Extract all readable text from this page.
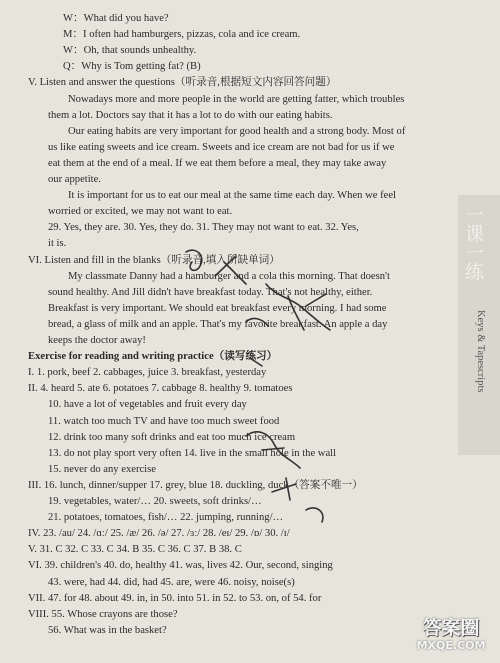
W：What did you have?
M：I often had hamburgers, pizzas, cola and ice cream.
W：Oh, that sounds unhealthy.
Q：Why is Tom getting fat? (B)
V. Listen and answer the questions（听录音,根据短文内容回答问题）
Nowadays more and more people in the world are getting fatter, which troubles
them a lot. Doctors say that it has a lot to do with our eating habits.
Our eating habits are very important for good health and a strong body. Most of
us like eating sweets and ice cream. Sweets and ice cream are not bad for us if we
eat them at the end of a meal. If we eat them before a meal, they may take away
our appetite.
It is important for us to eat our meal at the same time each day. When we feel
worried or excited, we may not want to eat.
29. Yes, they are. 30. Yes, they do. 31. They may not want to eat. 32. Yes,
it is.
VI. Listen and fill in the blanks（听录音,填入所缺单词）
My classmate Danny had a hamburger and a cola this morning. That doesn't
sound healthy. And Jill didn't have breakfast today. That's not healthy, either.
Breakfast is very important. We should eat breakfast every morning. I had some
bread, a glass of milk and an apple. That's my favorite breakfast. An apple a day
keeps the doctor away!
Exercise for reading and writing practice（读写练习）
I. 1. pork, beef 2. cabbages, juice 3. breakfast, yesterday
II. 4. heard 5. ate 6. potatoes 7. cabbage 8. healthy 9. tomatoes
10. have a lot of vegetables and fruit every day
11. watch too much TV and have too much sweet food
12. drink too many soft drinks and eat too much ice cream
13. do not play sport very often 14. live in the small hole in the wall
15. never do any exercise
III. 16. lunch, dinner/supper 17. grey, blue 18. duckling, duck（答案不唯一）
19. vegetables, water/… 20. sweets, soft drinks/…
21. potatoes, tomatoes, fish/… 22. jumping, running/…
IV. 23. /au/ 24. /ɑː/ 25. /æ/ 26. /ə/ 27. /ɜː/ 28. /eɪ/ 29. /ɒ/ 30. /ɪ/
V. 31. C 32. C 33. C 34. B 35. C 36. C 37. B 38. C
VI. 39. children's 40. do, healthy 41. was, lives 42. Our, second, singing
43. were, had 44. did, had 45. are, were 46. noisy, noise(s)
VII. 47. for 48. about 49. in, in 50. into 51. in 52. to 53. on, of 54. for
VIII. 55. Whose crayons are those?
56. What was in the basket?
一课一练
Keys & Tapescripts
答案圈
MXQE.COM
